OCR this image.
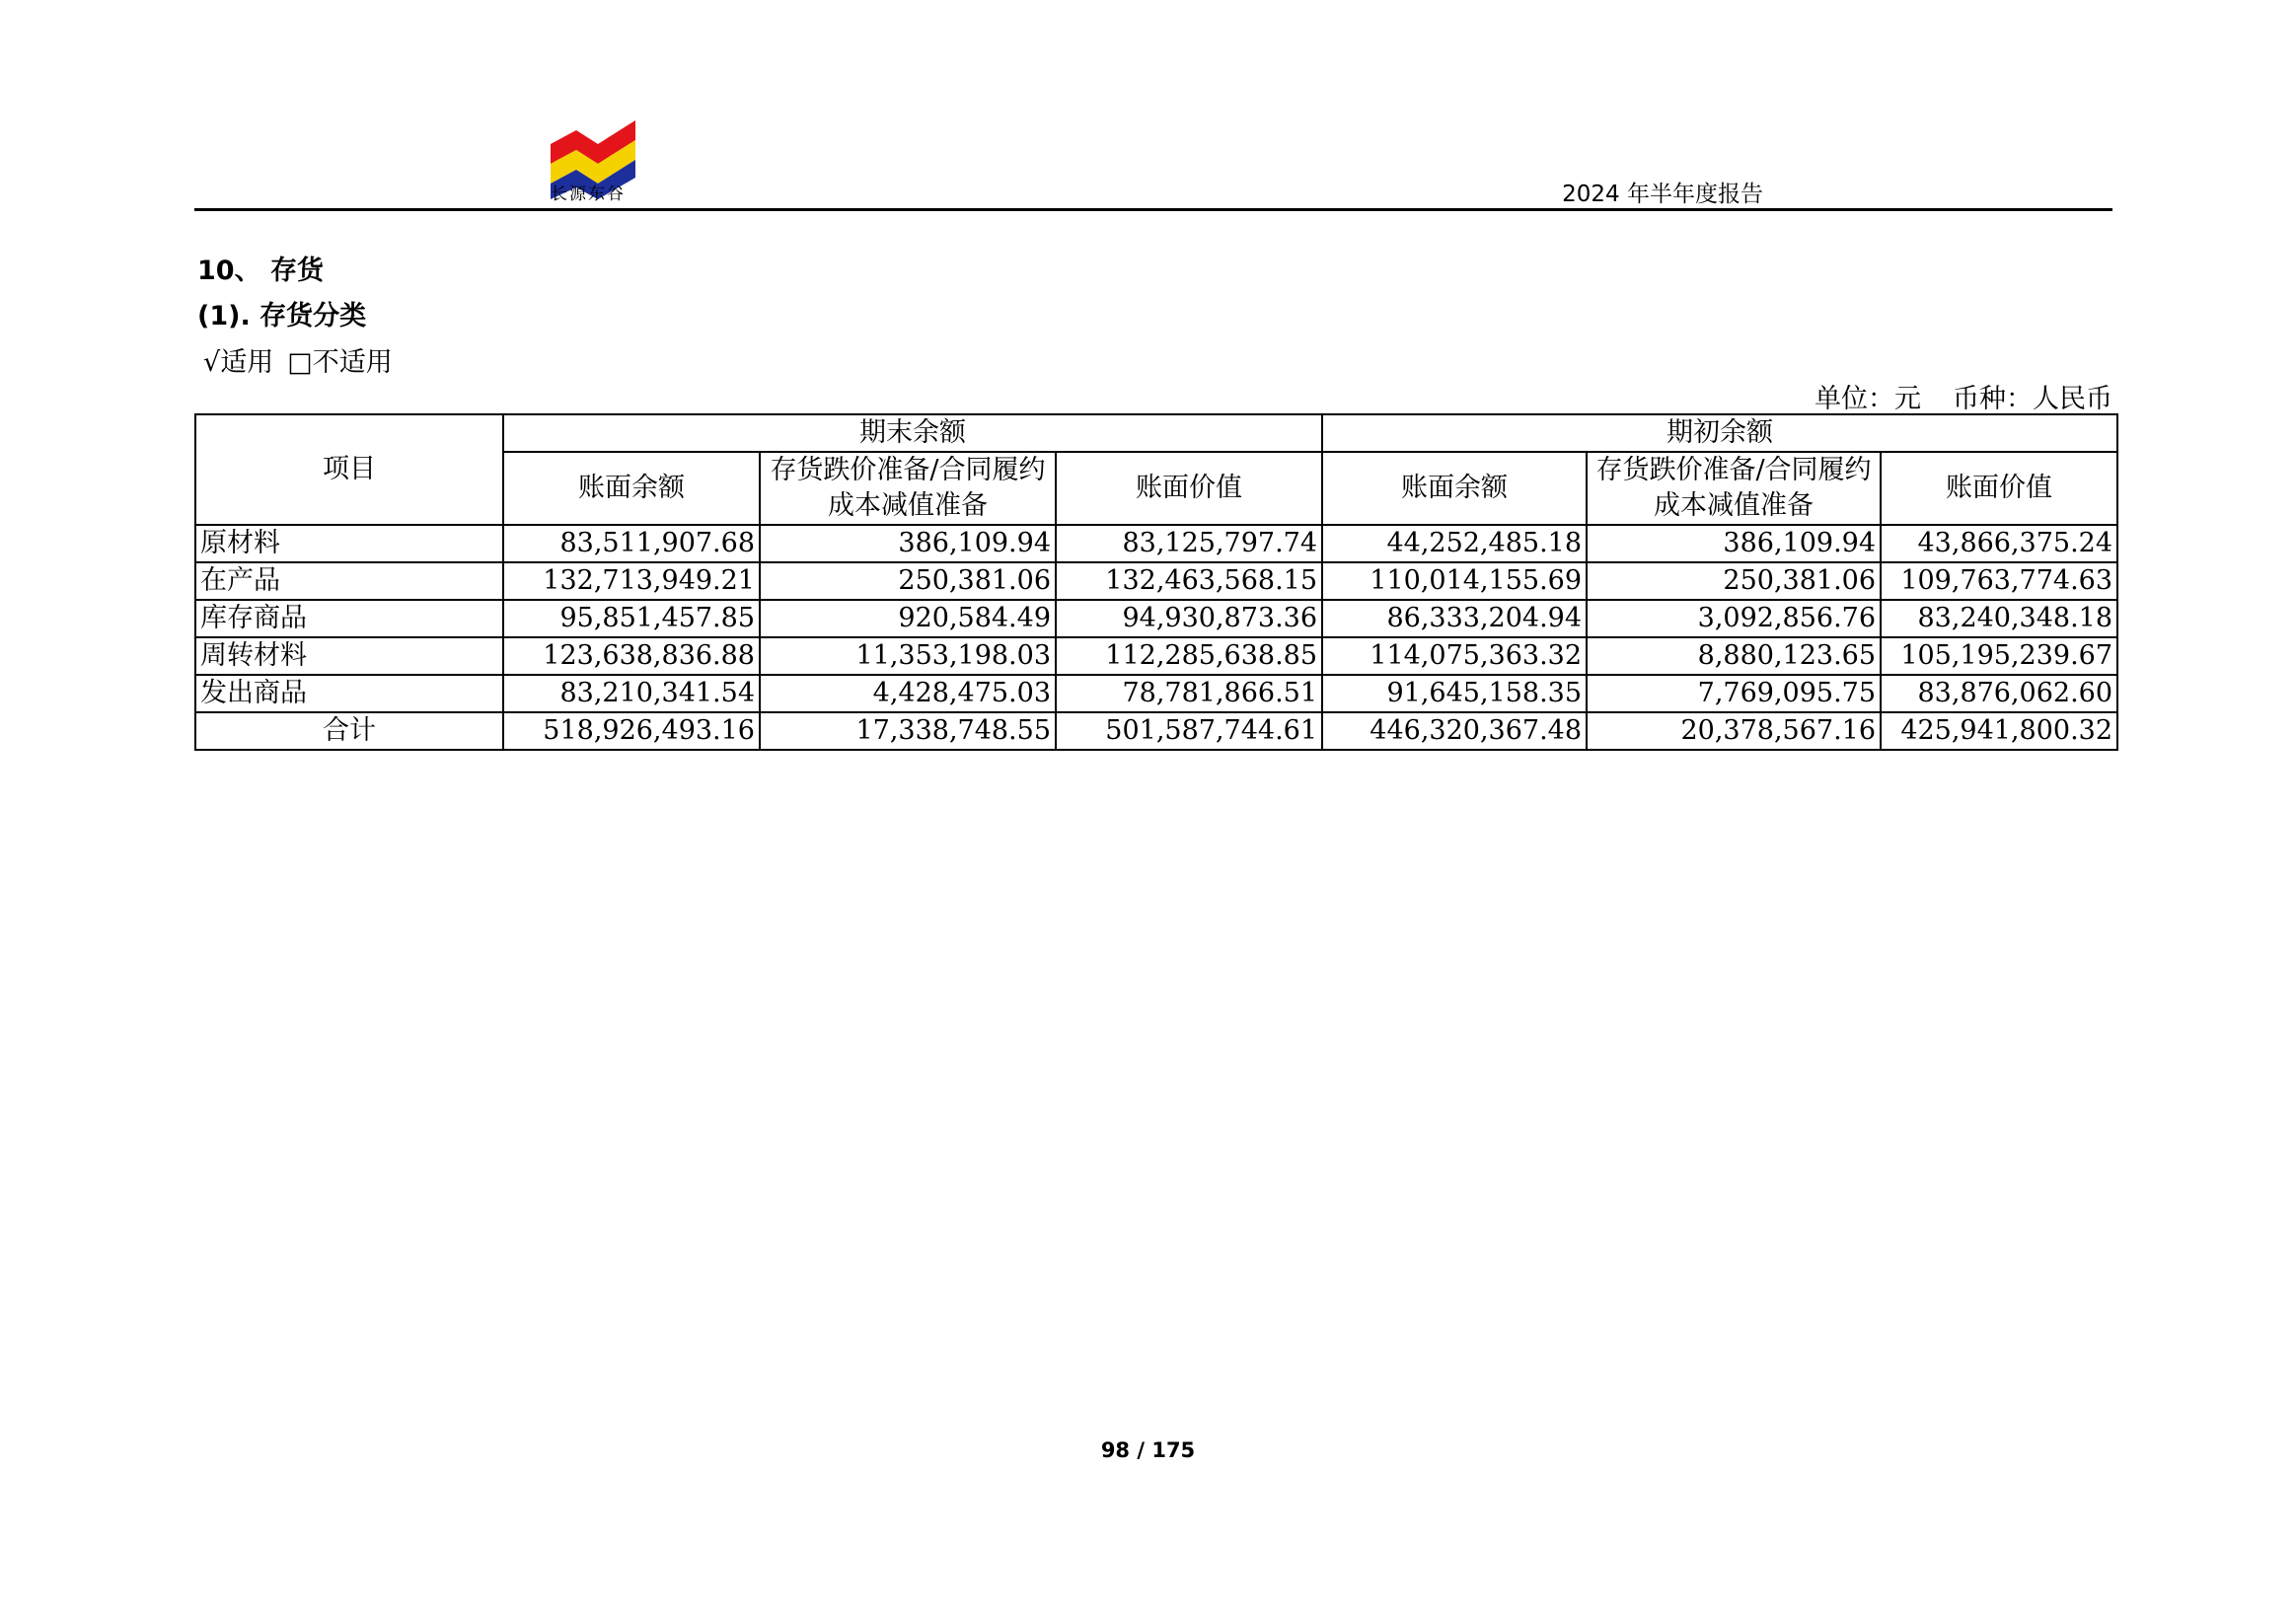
长源东谷	2024 年半年度报告
10、 存货
(1). 存货分类
√适用 □不适用
单位：元 币种：人民币
项目	期末余额			期初余额		
	账面余额	存货跌价准备/合同履约成本减值准备	账面价值	账面余额	存货跌价准备/合同履约成本减值准备	账面价值
原材料	83,511,907.68	386,109.94	83,125,797.74	44,252,485.18	386,109.94	43,866,375.24
在产品	132,713,949.21	250,381.06	132,463,568.15	110,014,155.69	250,381.06	109,763,774.63
库存商品	95,851,457.85	920,584.49	94,930,873.36	86,333,204.94	3,092,856.76	83,240,348.18
周转材料	123,638,836.88	11,353,198.03	112,285,638.85	114,075,363.32	8,880,123.65	105,195,239.67
发出商品	83,210,341.54	4,428,475.03	78,781,866.51	91,645,158.35	7,769,095.75	83,876,062.60
合计	518,926,493.16	17,338,748.55	501,587,744.61	446,320,367.48	20,378,567.16	425,941,800.32
98 / 175
